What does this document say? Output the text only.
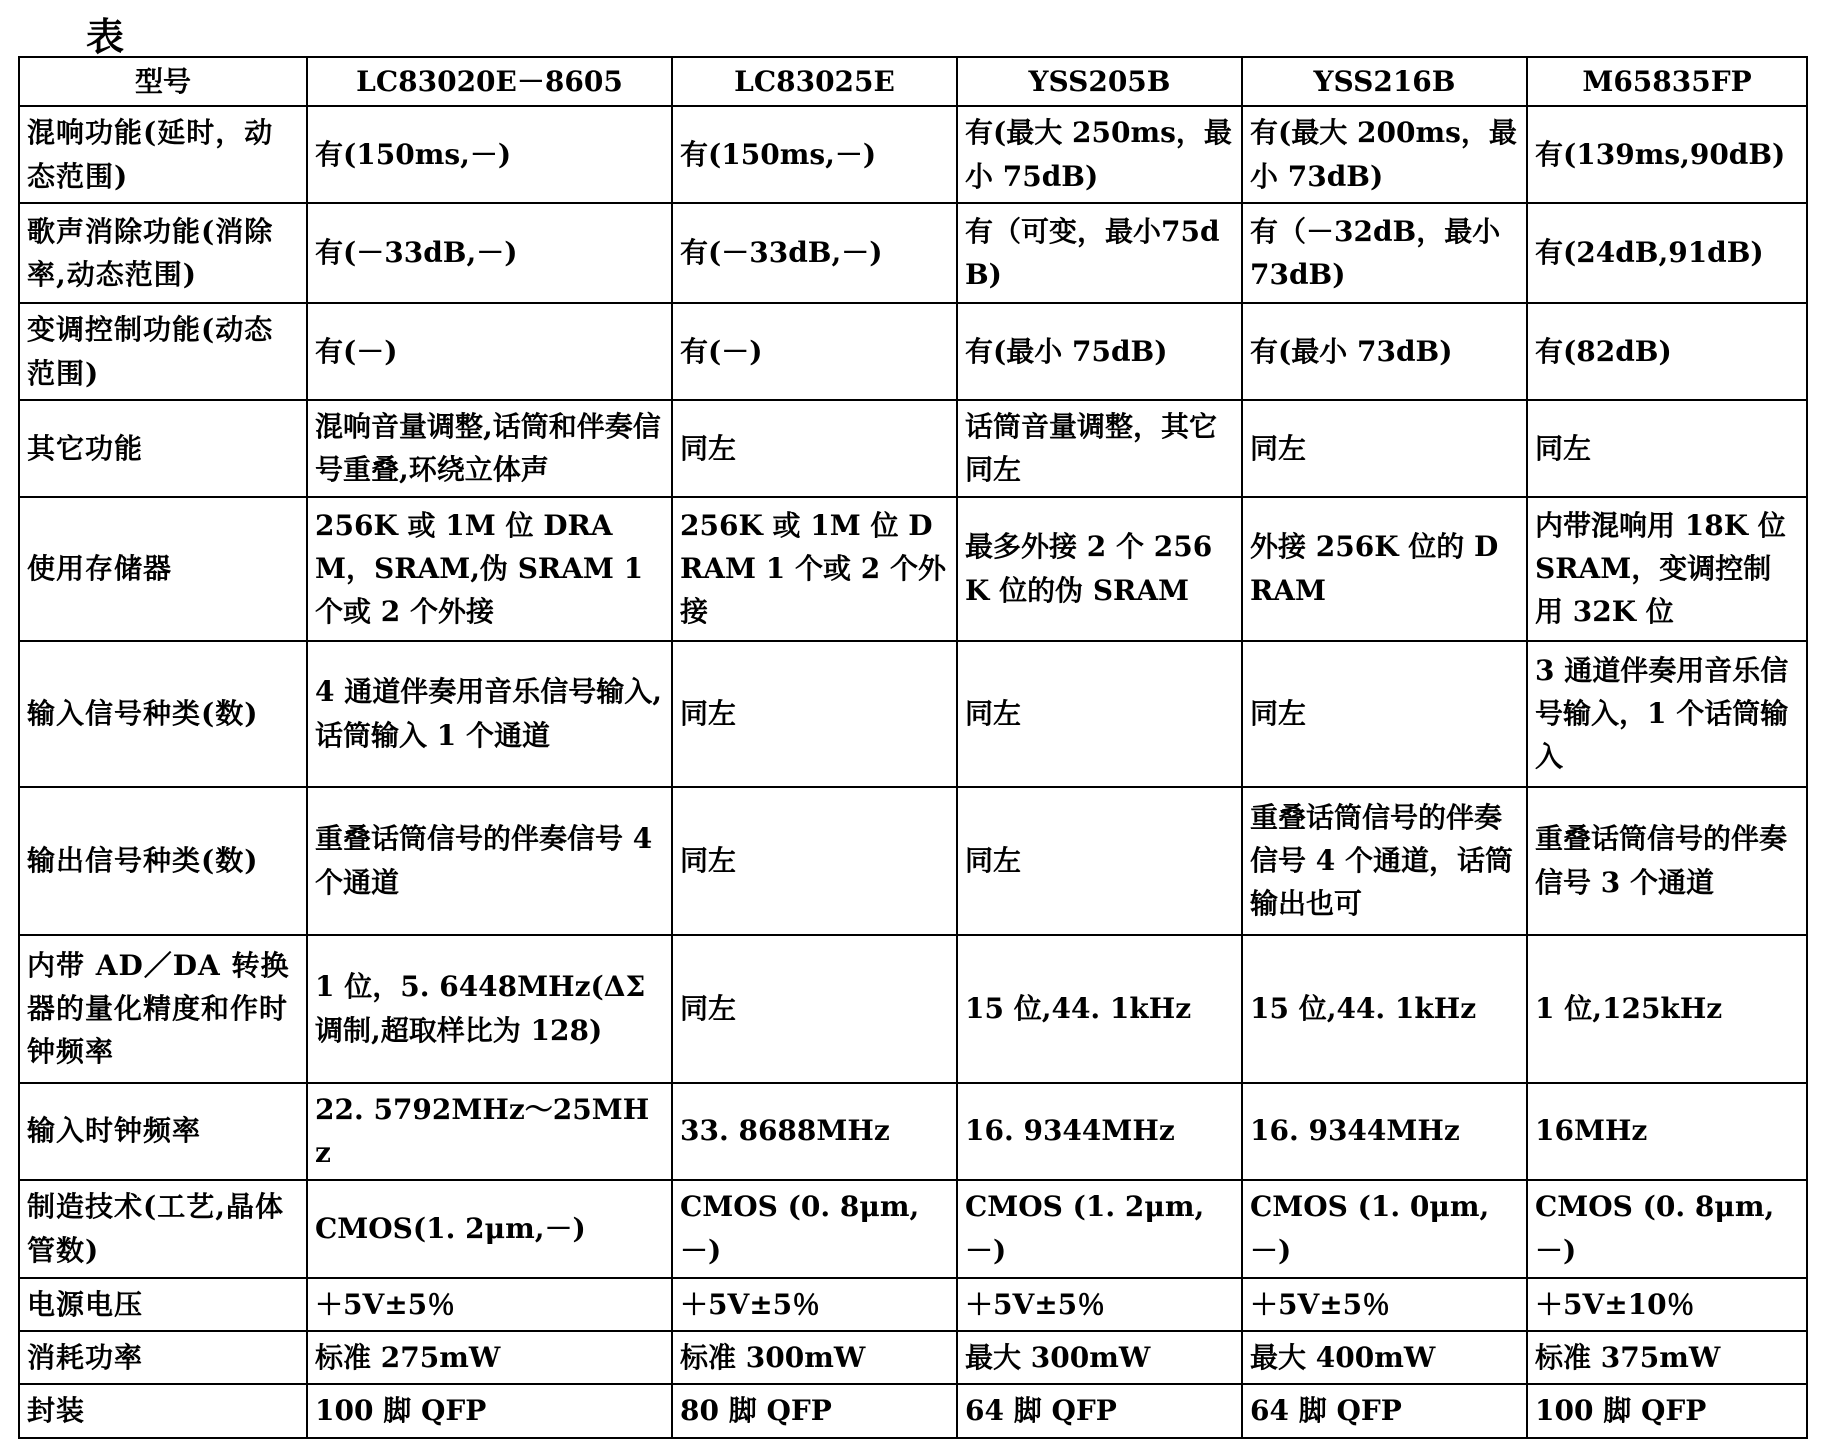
表
型号	LC83020E－8605	LC83025E	YSS205B	YSS216B	M65835FP
混响功能(延时，动态范围)	有(150ms,－)	有(150ms,－)	有(最大 250ms，最小 75dB)	有(最大 200ms，最小 73dB)	有(139ms,90dB)
歌声消除功能(消除率,动态范围)	有(－33dB,－)	有(－33dB,－)	有（可变，最小75dB)	有（－32dB，最小73dB)	有(24dB,91dB)
变调控制功能(动态范围)	有(－)	有(－)	有(最小 75dB)	有(最小 73dB)	有(82dB)
其它功能	混响音量调整,话筒和伴奏信号重叠,环绕立体声	同左	话筒音量调整，其它同左	同左	同左
使用存储器	256K 或 1M 位 DRAM，SRAM,伪 SRAM 1 个或 2 个外接	256K 或 1M 位 DRAM 1 个或 2 个外接	最多外接 2 个 256K 位的伪 SRAM	外接 256K 位的 DRAM	内带混响用 18K 位 SRAM，变调控制用 32K 位
输入信号种类(数)	4 通道伴奏用音乐信号输入,话筒输入 1 个通道	同左	同左	同左	3 通道伴奏用音乐信号输入，1 个话筒输入
输出信号种类(数)	重叠话筒信号的伴奏信号 4 个通道	同左	同左	重叠话筒信号的伴奏信号 4 个通道，话筒输出也可	重叠话筒信号的伴奏信号 3 个通道
内带 AD／DA 转换器的量化精度和作时钟频率	1 位，5. 6448MHz(ΔΣ 调制,超取样比为 128)	同左	15 位,44. 1kHz	15 位,44. 1kHz	1 位,125kHz
输入时钟频率	22. 5792MHz～25MHz	33. 8688MHz	16. 9344MHz	16. 9344MHz	16MHz
制造技术(工艺,晶体管数)	CMOS(1. 2μm,－)	CMOS (0. 8μm,－)	CMOS (1. 2μm,－)	CMOS (1. 0μm,－)	CMOS (0. 8μm,－)
电源电压	＋5V±5％	＋5V±5％	＋5V±5％	＋5V±5％	＋5V±10％
消耗功率	标准 275mW	标准 300mW	最大 300mW	最大 400mW	标准 375mW
封装	100 脚 QFP	80 脚 QFP	64 脚 QFP	64 脚 QFP	100 脚 QFP
